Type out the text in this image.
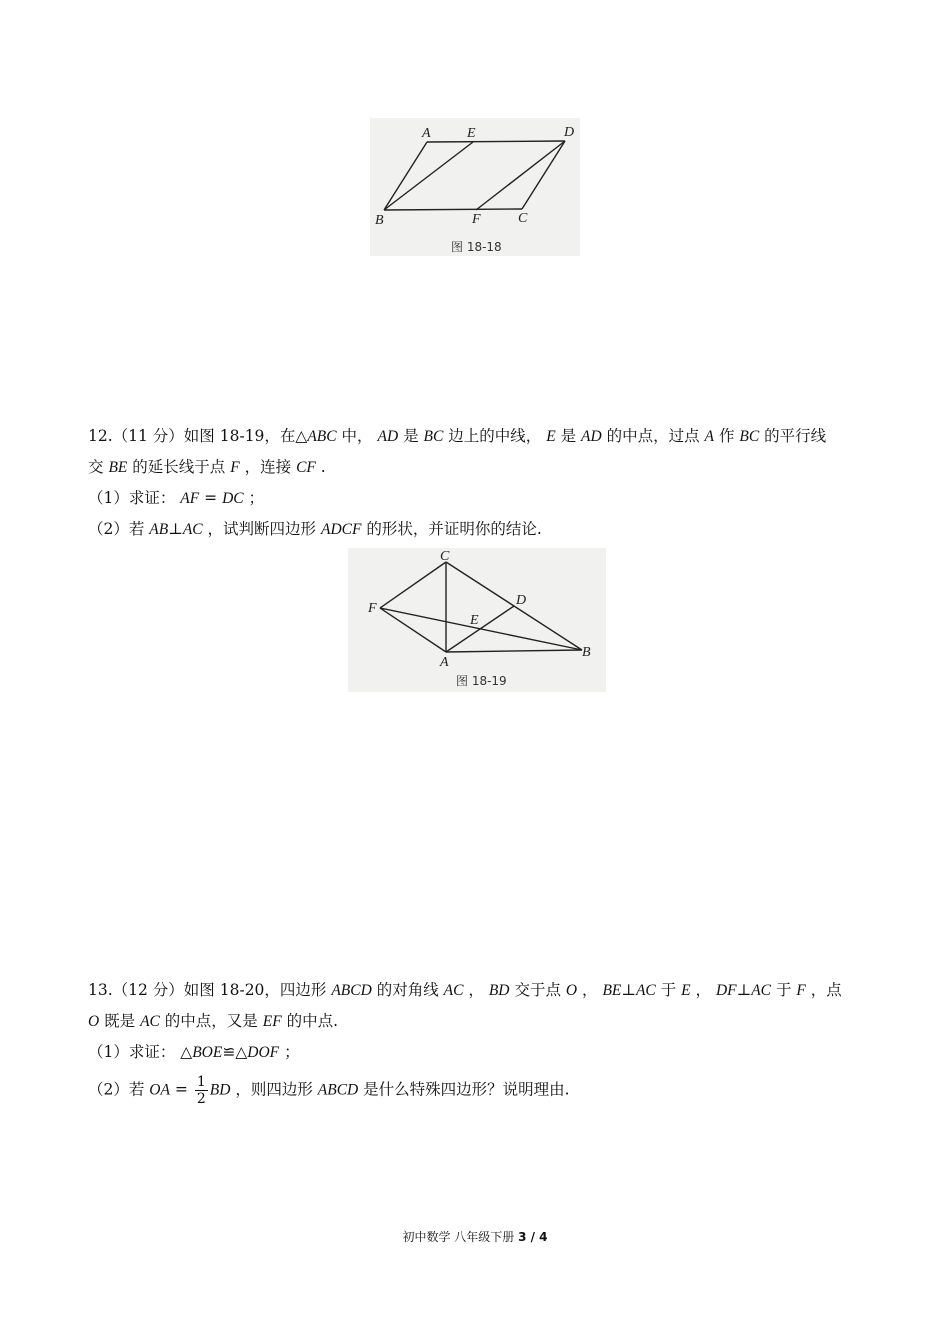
A	E	D
B	F	C
图 18-18
12.（11 分）如图 18-19，在△ABC 中， AD 是 BC 边上的中线， E 是 AD 的中点，过点 A 作 BC 的平行线
交 BE 的延长线于点 F ，连接 CF .
（1）求证： AF = DC ；
（2）若 AB⊥AC ，试判断四边形 ADCF 的形状，并证明你的结论.
C
D
F
E
A
B
图 18-19
13.（12 分）如图 18-20，四边形 ABCD 的对角线 AC ， BD 交于点 O ， BE⊥AC 于 E ， DF⊥AC 于 F ，点
O 既是 AC 的中点，又是 EF 的中点.
（1）求证： △BOE≌△DOF ；
（2）若 OA = $\frac{1}{2}$ BD ，则四边形 ABCD 是什么特殊四边形？说明理由.
初中数学 八年级下册 3 / 4
